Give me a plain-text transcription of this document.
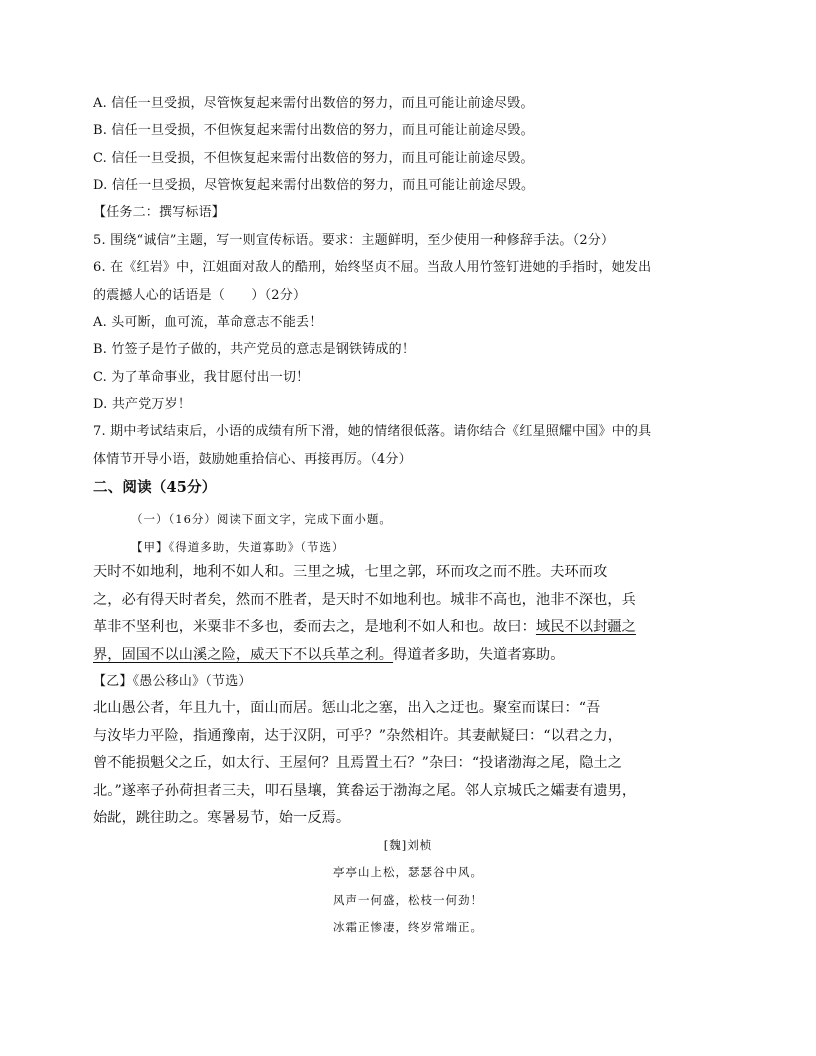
A. 信任一旦受损，尽管恢复起来需付出数倍的努力，而且可能让前途尽毁。
B. 信任一旦受损，不但恢复起来需付出数倍的努力，而且可能让前途尽毁。
C. 信任一旦受损，不但恢复起来需付出数倍的努力，而且可能让前途尽毁。
D. 信任一旦受损，尽管恢复起来需付出数倍的努力，而且可能让前途尽毁。
【任务二：撰写标语】
5. 围绕“诚信”主题，写一则宣传标语。要求：主题鲜明，至少使用一种修辞手法。（2分）
6. 在《红岩》中，江姐面对敌人的酷刑，始终坚贞不屈。当敌人用竹签钉进她的手指时，她发出
的震撼人心的话语是（　　）（2分）
A. 头可断，血可流，革命意志不能丢！
B. 竹签子是竹子做的，共产党员的意志是钢铁铸成的！
C. 为了革命事业，我甘愿付出一切！
D. 共产党万岁！
7. 期中考试结束后，小语的成绩有所下滑，她的情绪很低落。请你结合《红星照耀中国》中的具
体情节开导小语，鼓励她重拾信心、再接再厉。（4分）
二、阅读（45分）
（一）（16分）阅读下面文字，完成下面小题。
【甲】《得道多助，失道寡助》（节选）
天时不如地利，地利不如人和。三里之城，七里之郭，环而攻之而不胜。夫环而攻
之，必有得天时者矣，然而不胜者，是天时不如地利也。城非不高也，池非不深也，兵
革非不坚利也，米粟非不多也，委而去之，是地利不如人和也。故曰：域民不以封疆之
界，固国不以山溪之险，威天下不以兵革之利。得道者多助，失道者寡助。
【乙】《愚公移山》（节选）
北山愚公者，年且九十，面山而居。惩山北之塞，出入之迂也。聚室而谋曰：“吾
与汝毕力平险，指通豫南，达于汉阴，可乎？”杂然相许。其妻献疑曰：“以君之力，
曾不能损魁父之丘，如太行、王屋何？且焉置土石？”杂曰：“投诸渤海之尾，隐土之
北。”遂率子孙荷担者三夫，叩石垦壤，箕畚运于渤海之尾。邻人京城氏之孀妻有遗男，
始龀，跳往助之。寒暑易节，始一反焉。
[魏]刘桢
亭亭山上松，瑟瑟谷中风。
风声一何盛，松枝一何劲！
冰霜正惨凄，终岁常端正。
